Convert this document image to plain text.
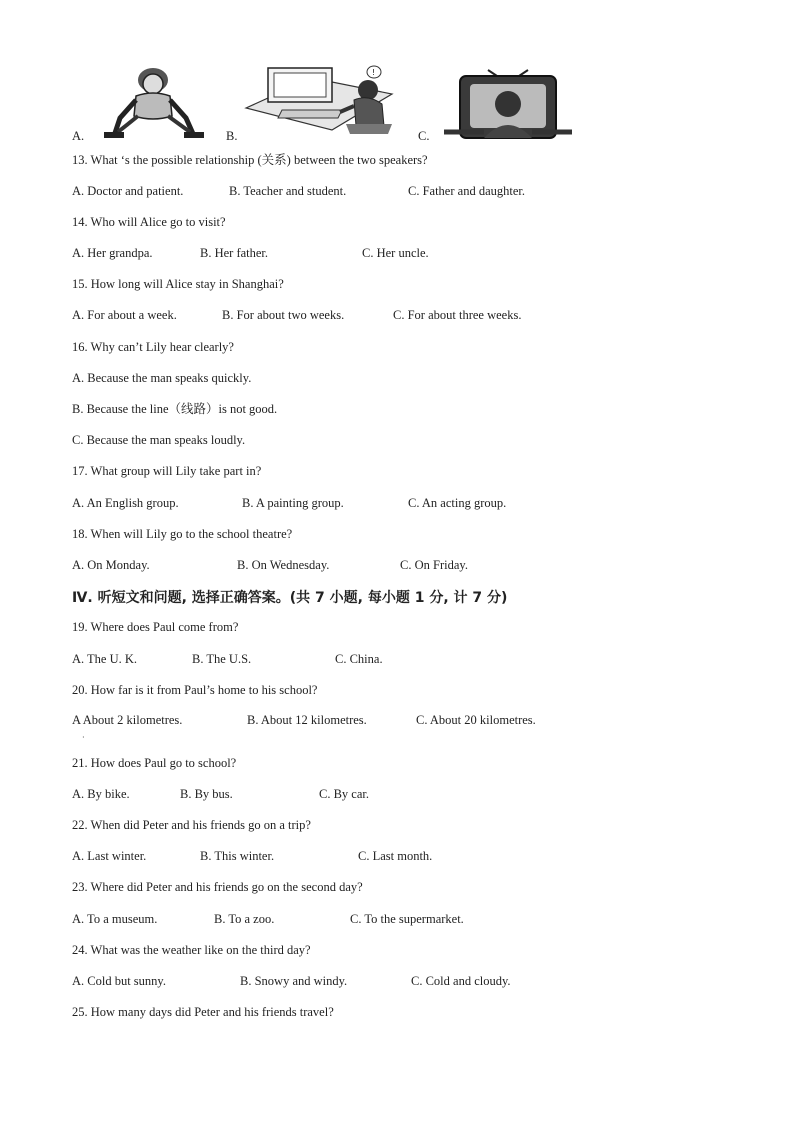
A.	B.
!
C.
13. What ‘s the possible relationship (关系) between the two speakers?
A. Doctor and patient.	B. Teacher and student.	C. Father and daughter.
14. Who will Alice go to visit?
A. Her grandpa.	B. Her father.	C. Her uncle.
15. How long will Alice stay in Shanghai?
A. For about a week.	B. For about two weeks.	C. For about three weeks.
16. Why can’t Lily hear clearly?
A. Because the man speaks quickly.
B. Because the line（线路）is not good.
C. Because the man speaks loudly.
17. What group will Lily take part in?
A. An English group.	B. A painting group.	C. An acting group.
18. When will Lily go to the school theatre?
A. On Monday.	B. On Wednesday.	C. On Friday.
Ⅳ. 听短文和问题, 选择正确答案。(共 7 小题, 每小题 1 分, 计 7 分)
19. Where does Paul come from?
A. The U. K.	B. The U.S.	C. China.
20. How far is it from Paul’s home to his school?
A About 2 kilometres.	B. About 12 kilometres.	C. About 20 kilometres.
·
21. How does Paul go to school?
A. By bike.	B. By bus.	C. By car.
22. When did Peter and his friends go on a trip?
A. Last winter.	B. This winter.	C. Last month.
23. Where did Peter and his friends go on the second day?
A. To a museum.	B. To a zoo.	C. To the supermarket.
24. What was the weather like on the third day?
A. Cold but sunny.	B. Snowy and windy.	C. Cold and cloudy.
25. How many days did Peter and his friends travel?
